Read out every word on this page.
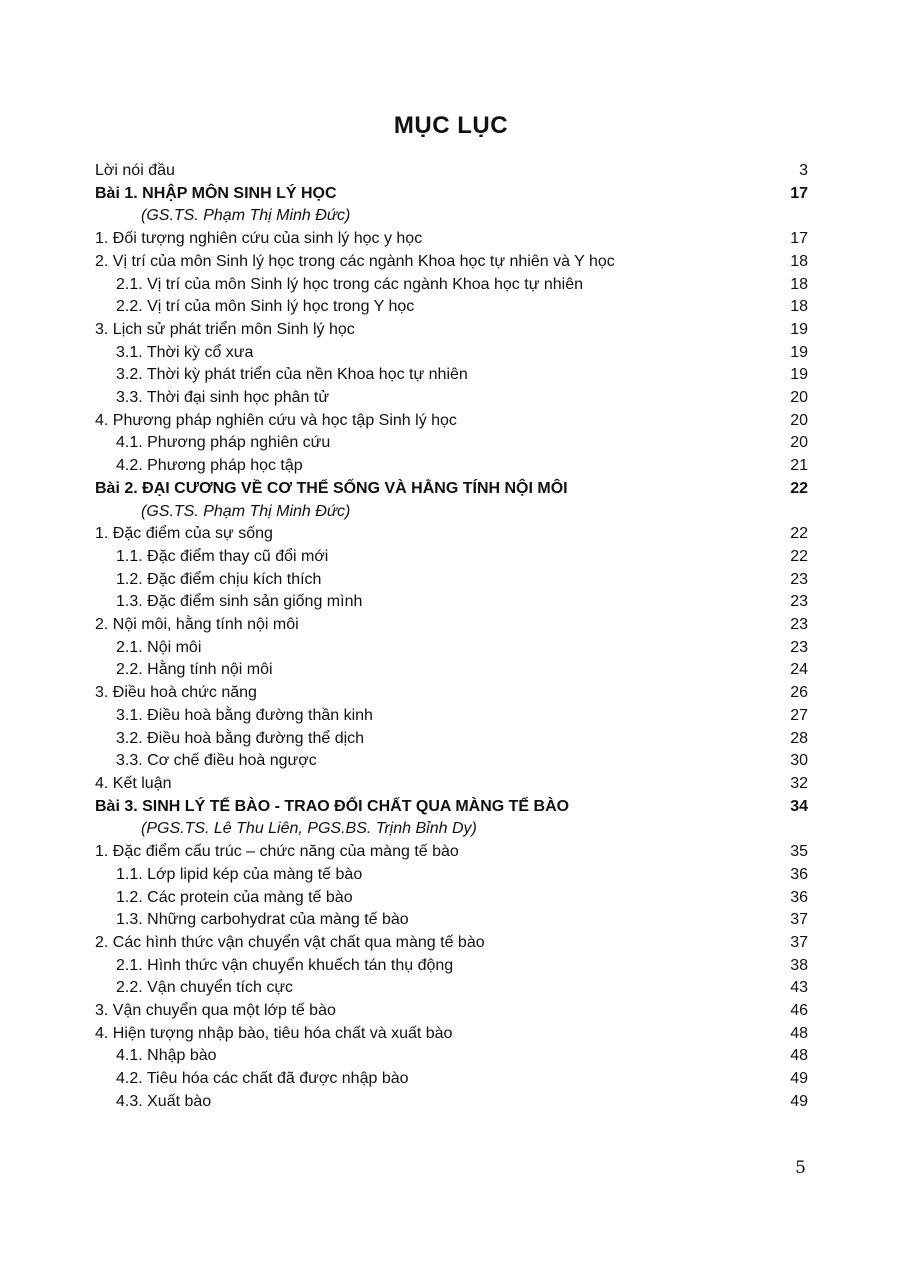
MỤC LỤC
Lời nói đầu	3
Bài 1. NHẬP MÔN SINH LÝ HỌC	17
(GS.TS. Phạm Thị Minh Đức)
1. Đối tượng nghiên cứu của sinh lý học y học	17
2. Vị trí của môn Sinh lý học trong các ngành Khoa học tự nhiên và Y học	18
2.1. Vị trí của môn Sinh lý học trong các ngành Khoa học tự nhiên	18
2.2. Vị trí của môn Sinh lý học trong Y học	18
3. Lịch sử phát triển môn Sinh lý học	19
3.1. Thời kỳ cổ xưa	19
3.2. Thời kỳ phát triển của nền Khoa học tự nhiên	19
3.3. Thời đại sinh học phân tử	20
4. Phương pháp nghiên cứu và học tập Sinh lý học	20
4.1. Phương pháp nghiên cứu	20
4.2. Phương pháp học tập	21
Bài 2. ĐẠI CƯƠNG VỀ CƠ THỂ SỐNG VÀ HẰNG TÍNH NỘI MÔI	22
(GS.TS. Phạm Thị Minh Đức)
1. Đặc điểm của sự sống	22
1.1. Đặc điểm thay cũ đổi mới	22
1.2. Đặc điểm chịu kích thích	23
1.3. Đặc điểm sinh sản giống mình	23
2. Nội môi, hằng tính nội môi	23
2.1. Nội môi	23
2.2. Hằng tính nội môi	24
3. Điều hoà chức năng	26
3.1. Điều hoà bằng đường thần kinh	27
3.2. Điều hoà bằng đường thể dịch	28
3.3. Cơ chế điều hoà ngược	30
4. Kết luận	32
Bài 3. SINH LÝ TẾ BÀO - TRAO ĐỔI CHẤT QUA MÀNG TẾ BÀO	34
(PGS.TS. Lê Thu Liên, PGS.BS. Trịnh Bỉnh Dy)
1. Đặc điểm cấu trúc – chức năng của màng tế bào	35
1.1. Lớp lipid kép của màng tế bào	36
1.2. Các protein của màng tế bào	36
1.3. Những carbohydrat của màng tế bào	37
2. Các hình thức vận chuyển vật chất qua màng tế bào	37
2.1. Hình thức vận chuyển khuếch tán thụ động	38
2.2. Vận chuyển tích cực	43
3. Vận chuyển qua một lớp tế bào	46
4. Hiện tượng nhập bào, tiêu hóa chất và xuất bào	48
4.1. Nhập bào	48
4.2. Tiêu hóa các chất đã được nhập bào	49
4.3. Xuất bào	49
5
